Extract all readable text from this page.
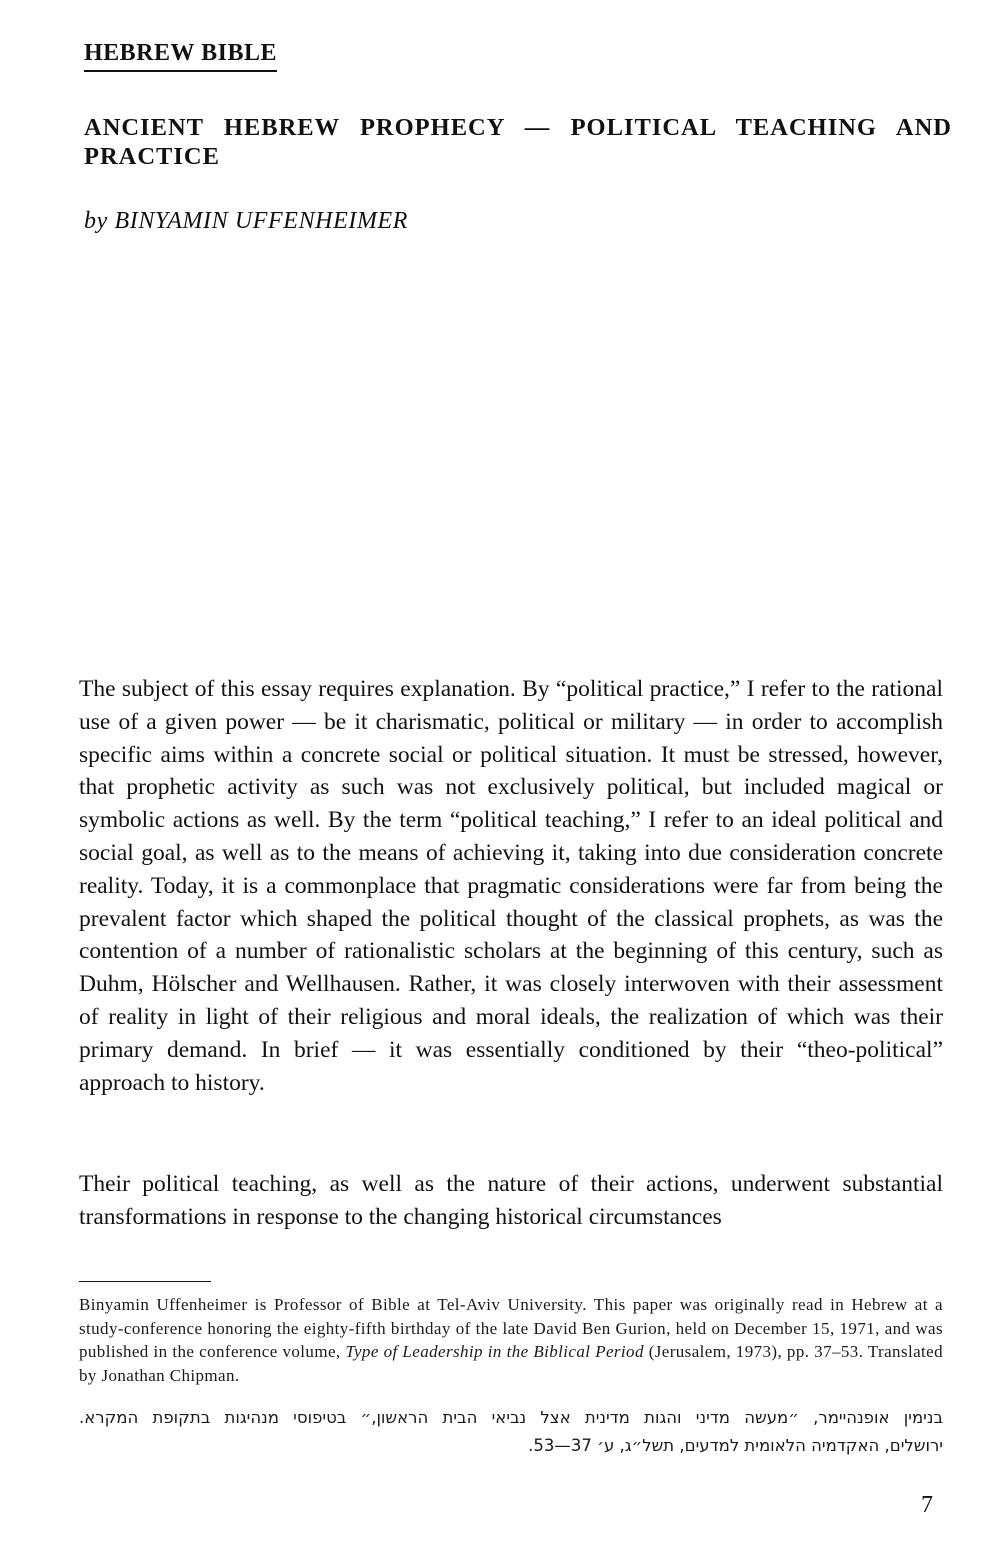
HEBREW BIBLE
ANCIENT HEBREW PROPHECY — POLITICAL TEACHING AND PRACTICE
by BINYAMIN UFFENHEIMER

The subject of this essay requires explanation. By “political practice,” I refer to the rational use of a given power — be it charismatic, political or military — in order to accomplish specific aims within a concrete social or political situation. It must be stressed, however, that prophetic activity as such was not exclusively political, but included magical or symbolic actions as well. By the term “political teaching,” I refer to an ideal political and social goal, as well as to the means of achieving it, taking into due consideration concrete reality. Today, it is a commonplace that pragmatic considerations were far from being the prevalent factor which shaped the political thought of the classical prophets, as was the contention of a number of rationalistic scholars at the beginning of this century, such as Duhm, Hölscher and Wellhausen. Rather, it was closely interwoven with their assessment of reality in light of their religious and moral ideals, the realization of which was their primary demand. In brief — it was essentially conditioned by their “theo-political” approach to history.

Their political teaching, as well as the nature of their actions, underwent substantial transformations in response to the changing historical circumstances

Binyamin Uffenheimer is Professor of Bible at Tel-Aviv University. This paper was originally read in Hebrew at a study-conference honoring the eighty-fifth birthday of the late David Ben Gurion, held on December 15, 1971, and was published in the conference volume, Type of Leadership in the Biblical Period (Jerusalem, 1973), pp. 37–53. Translated by Jonathan Chipman.

בנימין אופנהיימר, ״מעשה מדיני והגות מדינית אצל נביאי הבית הראשון,״ בטיפוסי מנהיגות בתקופת המקרא.
ירושלים, האקדמיה הלאומית למדעים, תשל״ג, ע׳ 37—53.

7
